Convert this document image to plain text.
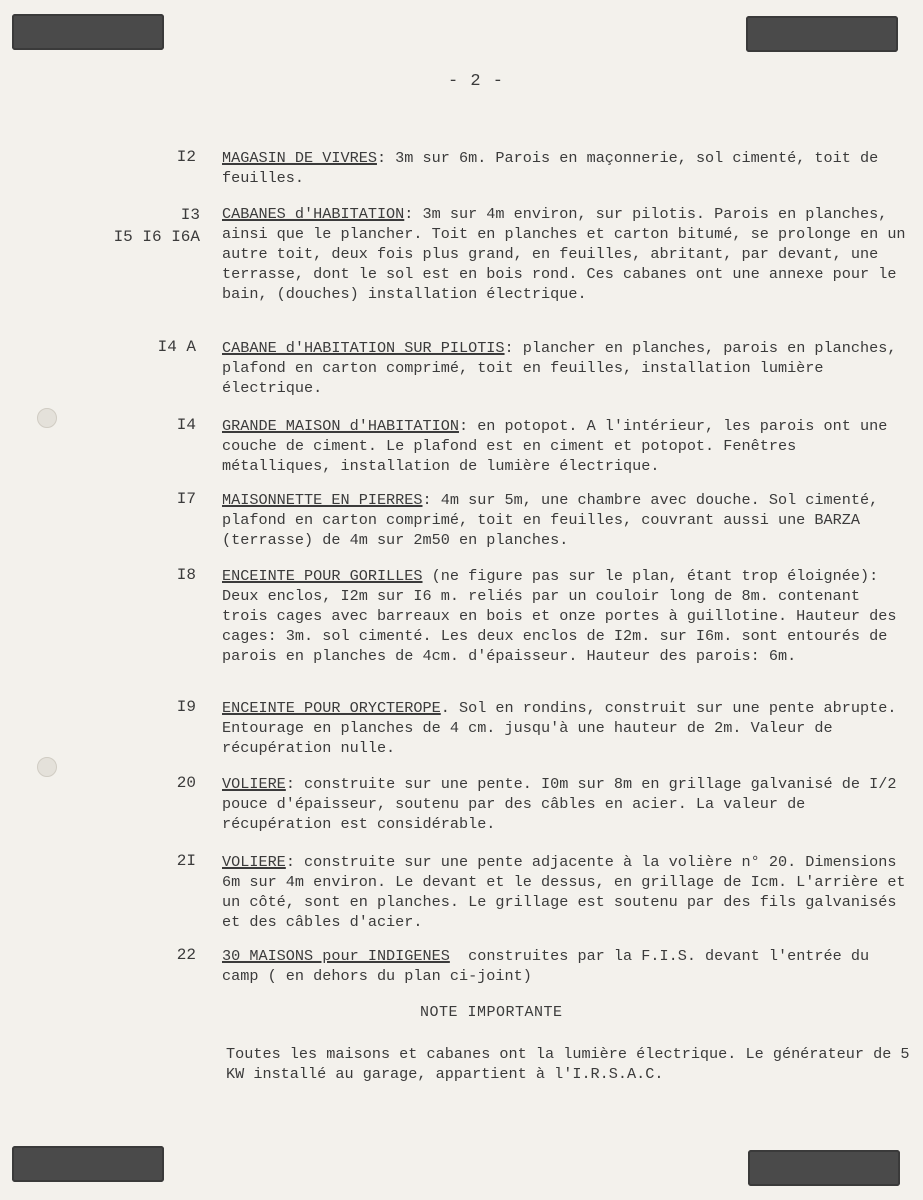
- 2 -
I2 MAGASIN DE VIVRES: 3m sur 6m. Parois en maçonnerie, sol cimenté, toit de feuilles.
I3
I5 I6 I6A
CABANES d'HABITATION: 3m sur 4m environ, sur pilotis. Parois en planches, ainsi que le plancher. Toit en planches et carton bitumé, se prolonge en un autre toit, deux fois plus grand, en feuilles, abritant, par devant, une terrasse, dont le sol est en bois rond. Ces cabanes ont une annexe pour le bain, (douches) installation électrique.
I4 A CABANE d'HABITATION SUR PILOTIS: plancher en planches, parois en planches, plafond en carton comprimé, toit en feuilles, installation lumière électrique.
I4 GRANDE MAISON d'HABITATION: en potopot. A l'intérieur, les parois ont une couche de ciment. Le plafond est en ciment et potopot. Fenêtres métalliques, installation de lumière électrique.
I7 MAISONNETTE EN PIERRES: 4m sur 5m, une chambre avec douche. Sol cimenté, plafond en carton comprimé, toit en feuilles, couvrant aussi une BARZA (terrasse) de 4m sur 2m50 en planches.
I8 ENCEINTE POUR GORILLES (ne figure pas sur le plan, étant trop éloignée): Deux enclos, I2m sur I6 m. reliés par un couloir long de 8m. contenant trois cages avec barreaux en bois et onze portes à guillotine. Hauteur des cages: 3m. sol cimenté. Les deux enclos de I2m. sur I6m. sont entourés de parois en planches de 4cm. d'épaisseur. Hauteur des parois: 6m.
I9 ENCEINTE POUR ORYCTEROPE. Sol en rondins, construit sur une pente abrupte. Entourage en planches de 4 cm. jusqu'à une hauteur de 2m. Valeur de récupération nulle.
20 VOLIERE: construite sur une pente. I0m sur 8m en grillage galvanisé de I/2 pouce d'épaisseur, soutenu par des câbles en acier. La valeur de récupération est considérable.
2I VOLIERE: construite sur une pente adjacente à la volière n° 20. Dimensions 6m sur 4m environ. Le devant et le dessus, en grillage de Icm. L'arrière et un côté, sont en planches. Le grillage est soutenu par des fils galvanisés et des câbles d'acier.
22 30 MAISONS pour INDIGENES  construites par la F.I.S. devant l'entrée du camp ( en dehors du plan ci-joint)
NOTE IMPORTANTE
Toutes les maisons et cabanes ont la lumière électrique. Le générateur de 5 KW installé au garage, appartient à l'I.R.S.A.C.
